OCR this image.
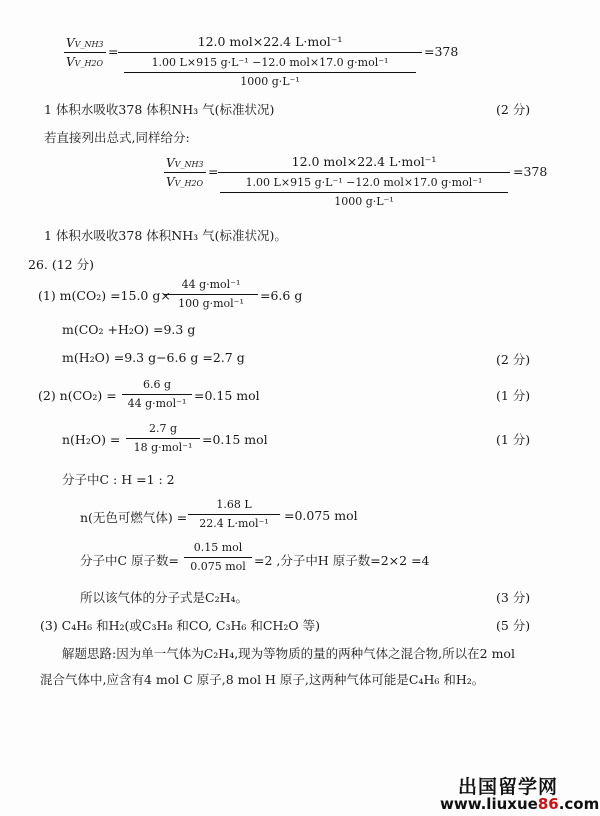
VV_NH3
VV_H2O
=
12.0 mol×22.4 L·mol⁻¹
1.00 L×915 g·L⁻¹ −12.0 mol×17.0 g·mol⁻¹
1000 g·L⁻¹
=378
1 体积水吸收378 体积NH₃ 气(标准状况)	(2 分)
若直接列出总式,同样给分:
VV_NH3
VV_H2O
=
12.0 mol×22.4 L·mol⁻¹
1.00 L×915 g·L⁻¹ −12.0 mol×17.0 g·mol⁻¹
1000 g·L⁻¹
=378
1 体积水吸收378 体积NH₃ 气(标准状况)。
26. (12 分)
(1) m(CO₂) =15.0 g×
44 g·mol⁻¹
100 g·mol⁻¹
=6.6 g
m(CO₂ +H₂O) =9.3 g
m(H₂O) =9.3 g−6.6 g =2.7 g	(2 分)
(2) n(CO₂) =
6.6 g
44 g·mol⁻¹
=0.15 mol	(1 分)
n(H₂O) =
2.7 g
18 g·mol⁻¹
=0.15 mol	(1 分)
分子中C : H =1 : 2
n(无色可燃气体) =
1.68 L
22.4 L·mol⁻¹
=0.075 mol
分子中C 原子数=
0.15 mol
0.075 mol =2 ,分子中H 原子数=2×2 =4
所以该气体的分子式是C₂H₄。	(3 分)
(3) C₄H₆ 和H₂(或C₃H₈ 和CO, C₃H₆ 和CH₂O 等)	(5 分)
解题思路:因为单一气体为C₂H₄,现为等物质的量的两种气体之混合物,所以在2 mol
混合气体中,应含有4 mol C 原子,8 mol H 原子,这两种气体可能是C₄H₆ 和H₂。
出国留学网
www.liuxue86.com
